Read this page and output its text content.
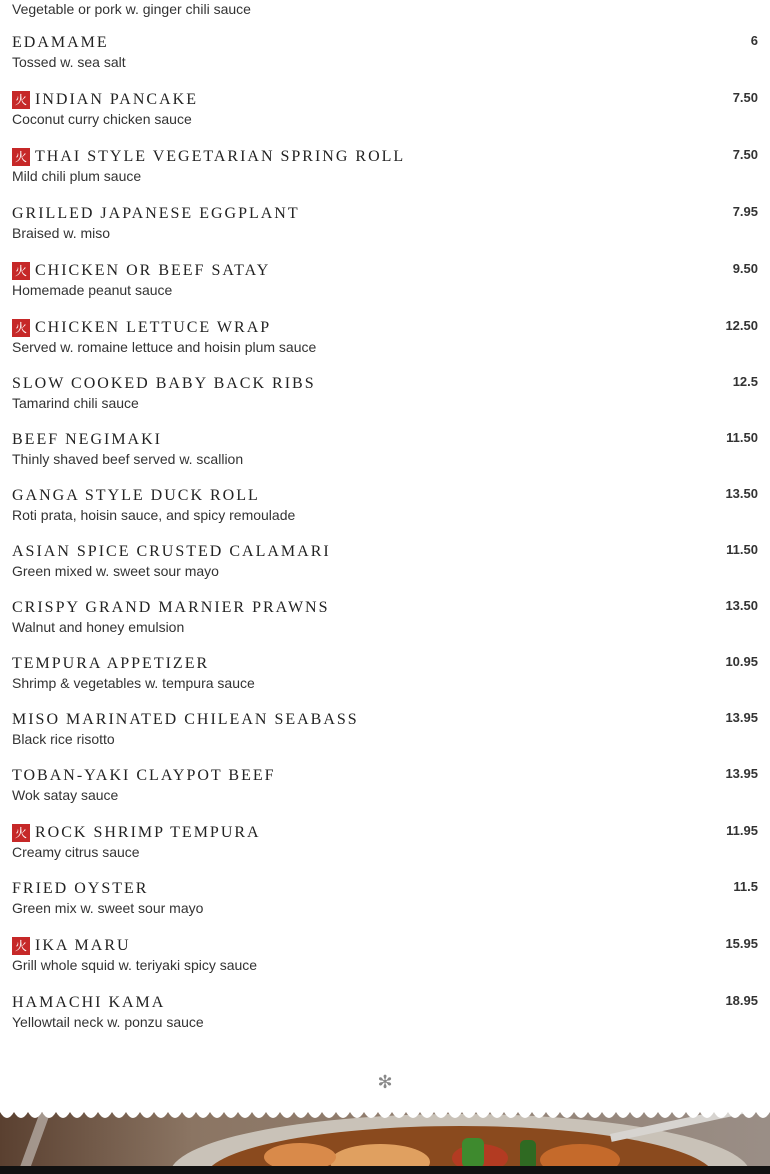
Vegetable or pork w. ginger chili sauce
EDAMAME
Tossed w. sea salt
6
火 INDIAN PANCAKE
Coconut curry chicken sauce
7.50
火 THAI STYLE VEGETARIAN SPRING ROLL
Mild chili plum sauce
7.50
GRILLED JAPANESE EGGPLANT
Braised w. miso
7.95
火 CHICKEN OR BEEF SATAY
Homemade peanut sauce
9.50
火 CHICKEN LETTUCE WRAP
Served w. romaine lettuce and hoisin plum sauce
12.50
SLOW COOKED BABY BACK RIBS
Tamarind chili sauce
12.5
BEEF NEGIMAKI
Thinly shaved beef served w. scallion
11.50
GANGA STYLE DUCK ROLL
Roti prata, hoisin sauce, and spicy remoulade
13.50
ASIAN SPICE CRUSTED CALAMARI
Green mixed w. sweet sour mayo
11.50
CRISPY GRAND MARNIER PRAWNS
Walnut and honey emulsion
13.50
TEMPURA APPETIZER
Shrimp & vegetables w. tempura sauce
10.95
MISO MARINATED CHILEAN SEABASS
Black rice risotto
13.95
TOBAN-YAKI CLAYPOT BEEF
Wok satay sauce
13.95
火 ROCK SHRIMP TEMPURA
Creamy citrus sauce
11.95
FRIED OYSTER
Green mix w. sweet sour mayo
11.5
火 IKA MARU
Grill whole squid w. teriyaki spicy sauce
15.95
HAMACHI KAMA
Yellowtail neck w. ponzu sauce
18.95
✻
